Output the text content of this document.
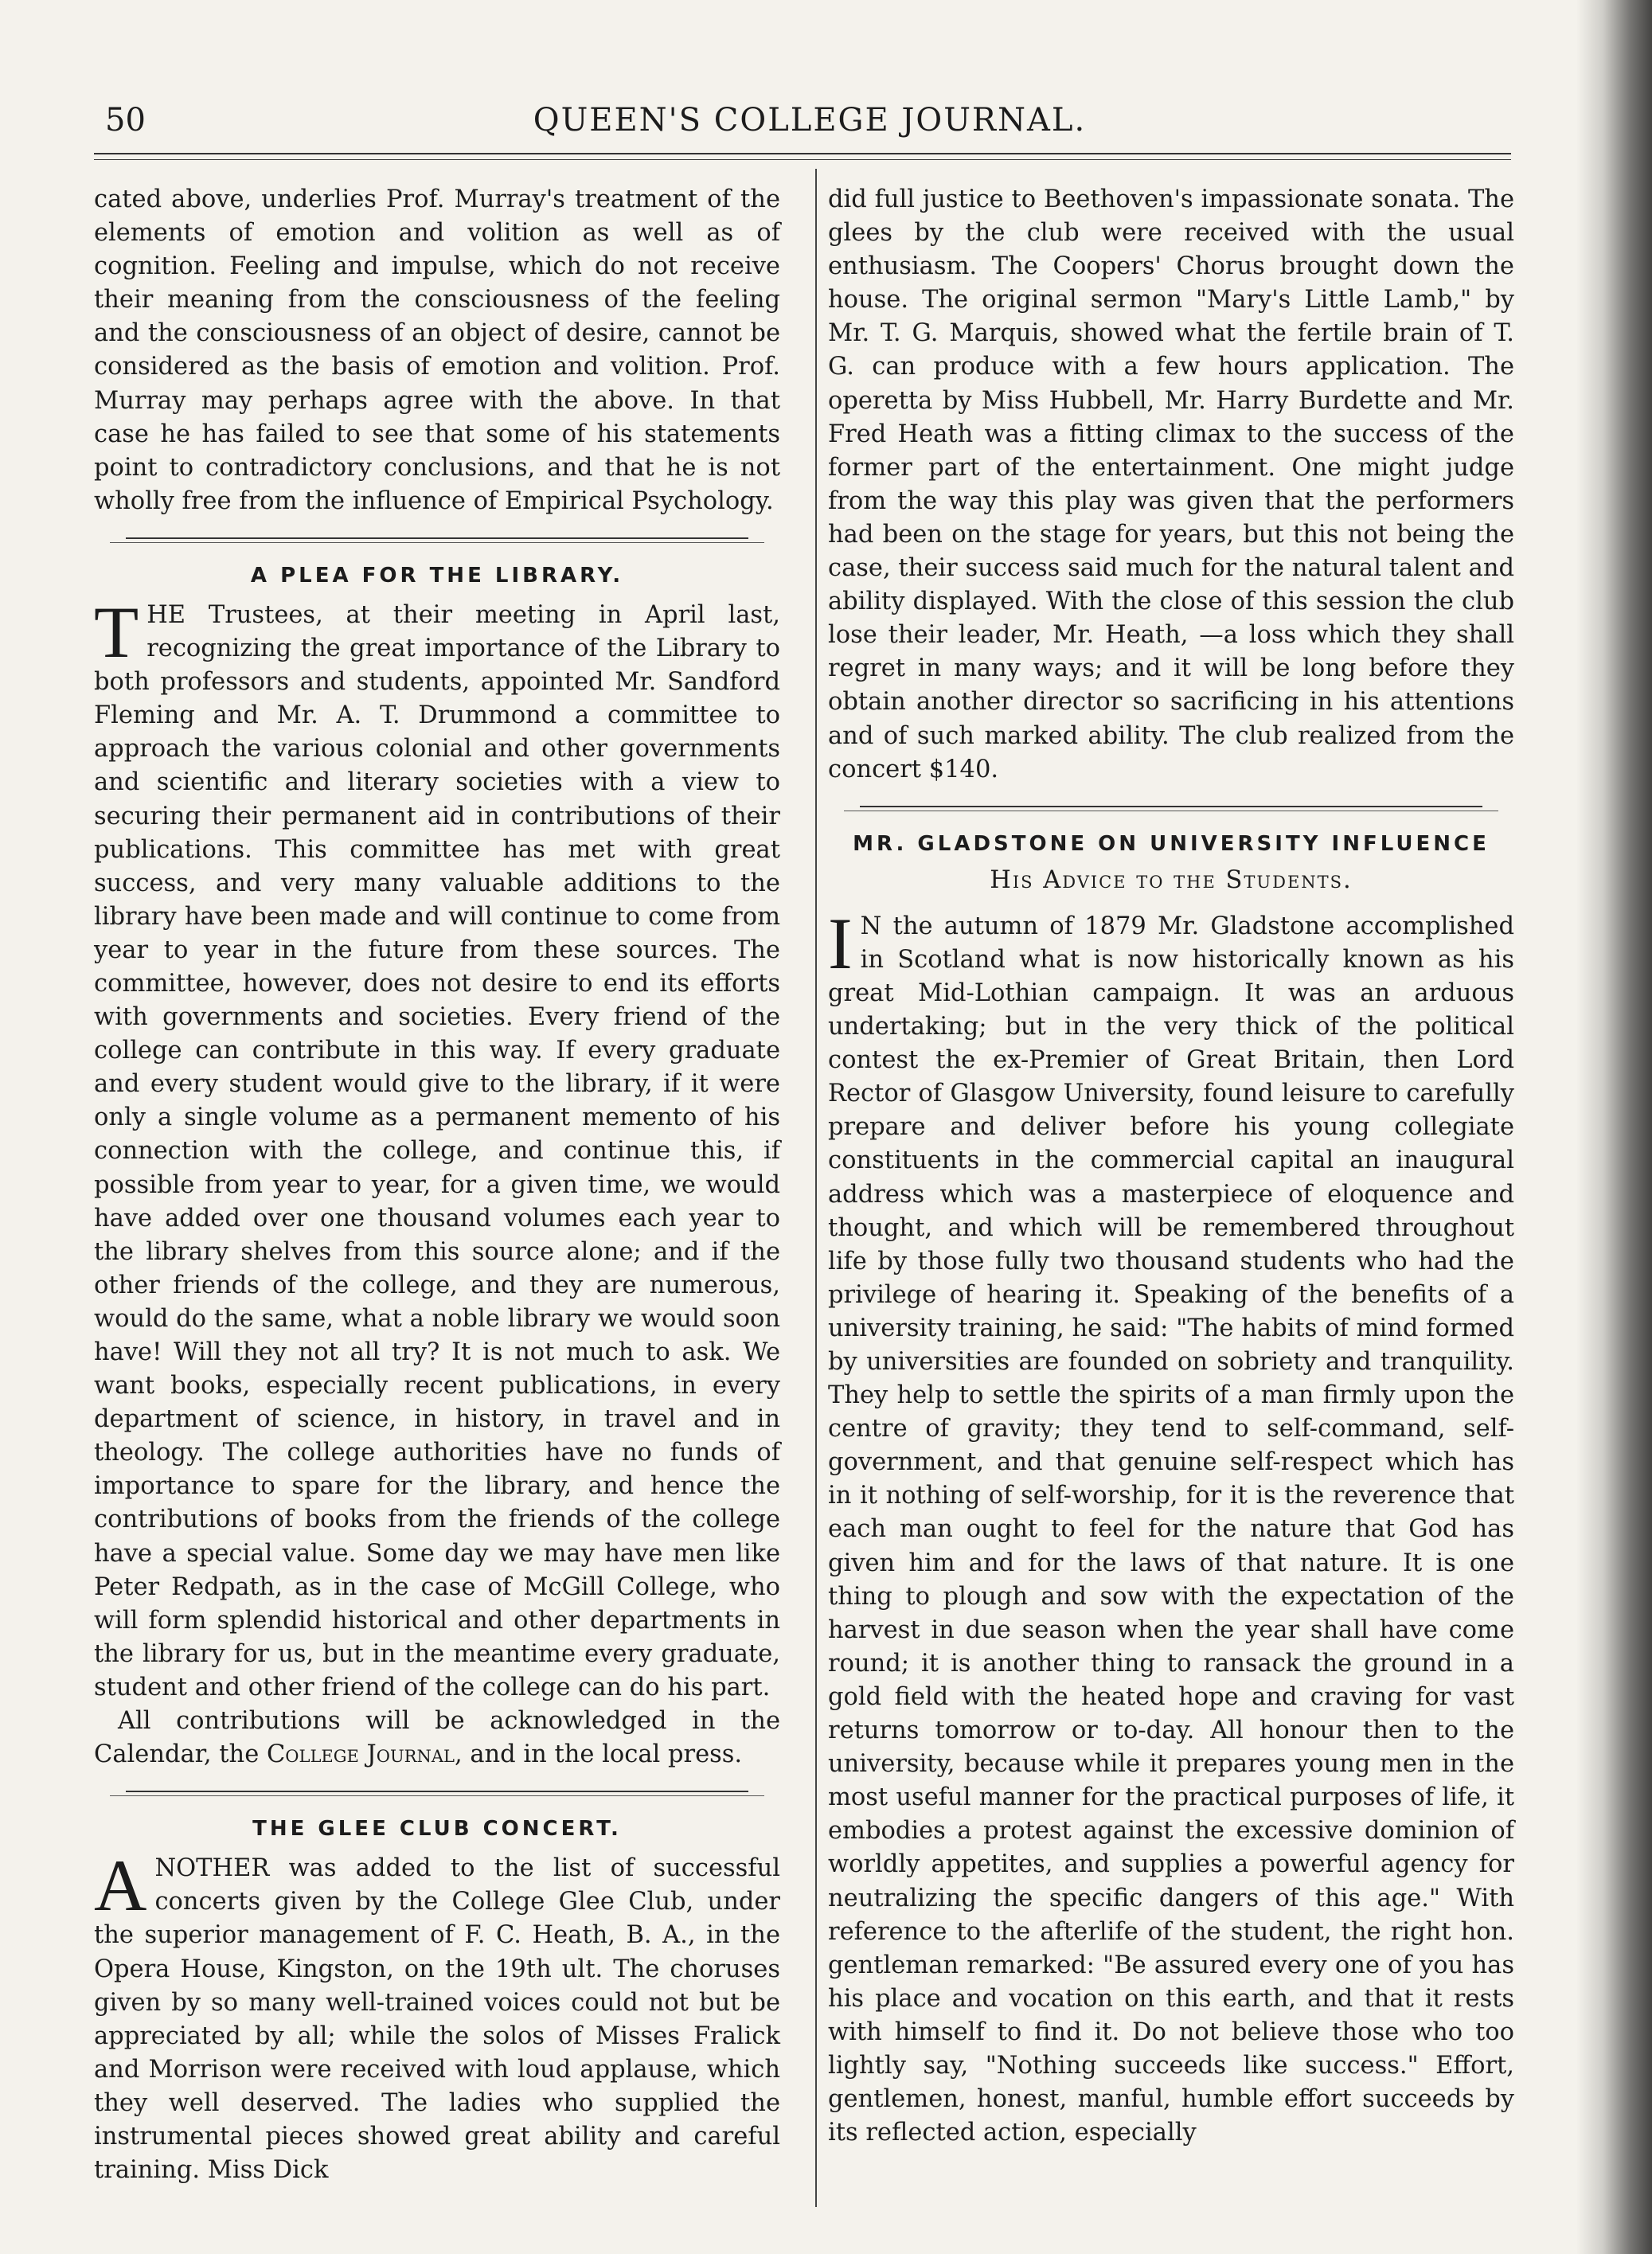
QUEEN'S COLLEGE JOURNAL.
50

cated above, underlies Prof. Murray's treatment of the elements of emotion and volition as well as of cognition. Feeling and impulse, which do not receive their meaning from the consciousness of the feeling and the consciousness of an object of desire, cannot be considered as the basis of emotion and volition. Prof. Murray may perhaps agree with the above. In that case he has failed to see that some of his statements point to contradictory conclusions, and that he is not wholly free from the influence of Empirical Psychology.

A PLEA FOR THE LIBRARY.

THE Trustees, at their meeting in April last, recognizing the great importance of the Library to both professors and students, appointed Mr. Sandford Fleming and Mr. A. T. Drummond a committee to approach the various colonial and other governments and scientific and literary societies with a view to securing their permanent aid in contributions of their publications. This committee has met with great success, and very many valuable additions to the library have been made and will continue to come from year to year in the future from these sources. The committee, however, does not desire to end its efforts with governments and societies. Every friend of the college can contribute in this way. If every graduate and every student would give to the library, if it were only a single volume as a permanent memento of his connection with the college, and continue this, if possible from year to year, for a given time, we would have added over one thousand volumes each year to the library shelves from this source alone; and if the other friends of the college, and they are numerous, would do the same, what a noble library we would soon have! Will they not all try? It is not much to ask. We want books, especially recent publications, in every department of science, in history, in travel and in theology. The college authorities have no funds of importance to spare for the library, and hence the contributions of books from the friends of the college have a special value. Some day we may have men like Peter Redpath, as in the case of McGill College, who will form splendid historical and other departments in the library for us, but in the meantime every graduate, student and other friend of the college can do his part.

All contributions will be acknowledged in the Calendar, the College Journal, and in the local press.

THE GLEE CLUB CONCERT.

ANOTHER was added to the list of successful concerts given by the College Glee Club, under the superior management of F. C. Heath, B. A., in the Opera House, Kingston, on the 19th ult. The choruses given by so many well-trained voices could not but be appreciated by all; while the solos of Misses Fralick and Morrison were received with loud applause, which they well deserved. The ladies who supplied the instrumental pieces showed great ability and careful training. Miss Dick

did full justice to Beethoven's impassionate sonata. The glees by the club were received with the usual enthusiasm. The Coopers' Chorus brought down the house. The original sermon "Mary's Little Lamb," by Mr. T. G. Marquis, showed what the fertile brain of T. G. can produce with a few hours application. The operetta by Miss Hubbell, Mr. Harry Burdette and Mr. Fred Heath was a fitting climax to the success of the former part of the entertainment. One might judge from the way this play was given that the performers had been on the stage for years, but this not being the case, their success said much for the natural talent and ability displayed. With the close of this session the club lose their leader, Mr. Heath, —a loss which they shall regret in many ways; and it will be long before they obtain another director so sacrificing in his attentions and of such marked ability. The club realized from the concert $140.

MR. GLADSTONE ON UNIVERSITY INFLUENCE
His Advice to the Students.

I N the autumn of 1879 Mr. Gladstone accomplished in Scotland what is now historically known as his great Mid-Lothian campaign. It was an arduous undertaking; but in the very thick of the political contest the ex-Premier of Great Britain, then Lord Rector of Glasgow University, found leisure to carefully prepare and deliver before his young collegiate constituents in the commercial capital an inaugural address which was a masterpiece of eloquence and thought, and which will be remembered throughout life by those fully two thousand students who had the privilege of hearing it. Speaking of the benefits of a university training, he said: "The habits of mind formed by universities are founded on sobriety and tranquility. They help to settle the spirits of a man firmly upon the centre of gravity; they tend to self-command, self-government, and that genuine self-respect which has in it nothing of self-worship, for it is the reverence that each man ought to feel for the nature that God has given him and for the laws of that nature. It is one thing to plough and sow with the expectation of the harvest in due season when the year shall have come round; it is another thing to ransack the ground in a gold field with the heated hope and craving for vast returns tomorrow or to-day. All honour then to the university, because while it prepares young men in the most useful manner for the practical purposes of life, it embodies a protest against the excessive dominion of worldly appetites, and supplies a powerful agency for neutralizing the specific dangers of this age." With reference to the afterlife of the student, the right hon. gentleman remarked: "Be assured every one of you has his place and vocation on this earth, and that it rests with himself to find it. Do not believe those who too lightly say, "Nothing succeeds like success." Effort, gentlemen, honest, manful, humble effort succeeds by its reflected action, especially
